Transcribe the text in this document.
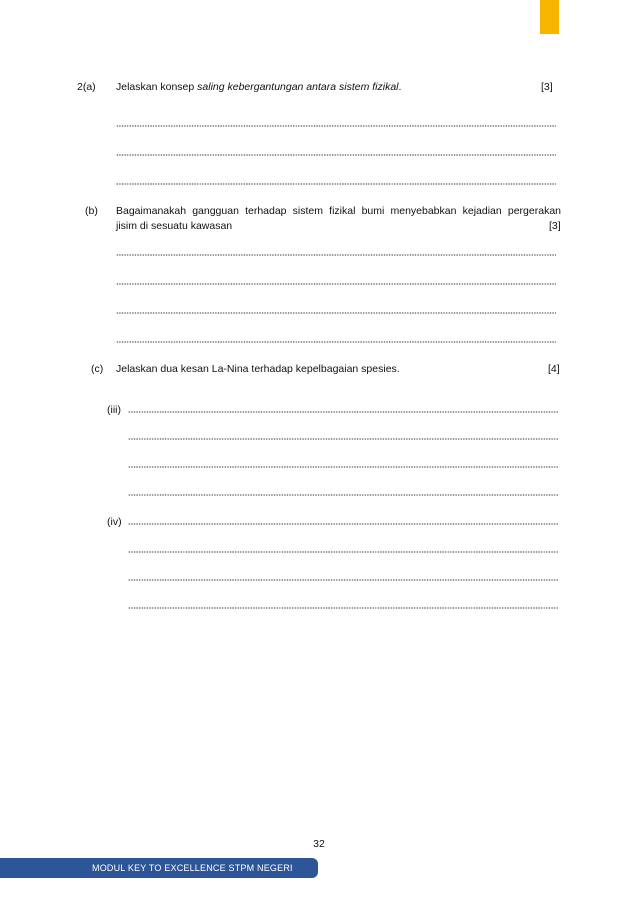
2(a) Jelaskan konsep saling kebergantungan antara sistem fizikal.	[3]
(b) Bagaimanakah gangguan terhadap sistem fizikal bumi menyebabkan kejadian pergerakan
jisim di sesuatu kawasan	[3]
(c) Jelaskan dua kesan La-Nina terhadap kepelbagaian spesies.	[4]
(iii)
(iv)
32
MODUL KEY TO EXCELLENCE STPM NEGERI PERAK
